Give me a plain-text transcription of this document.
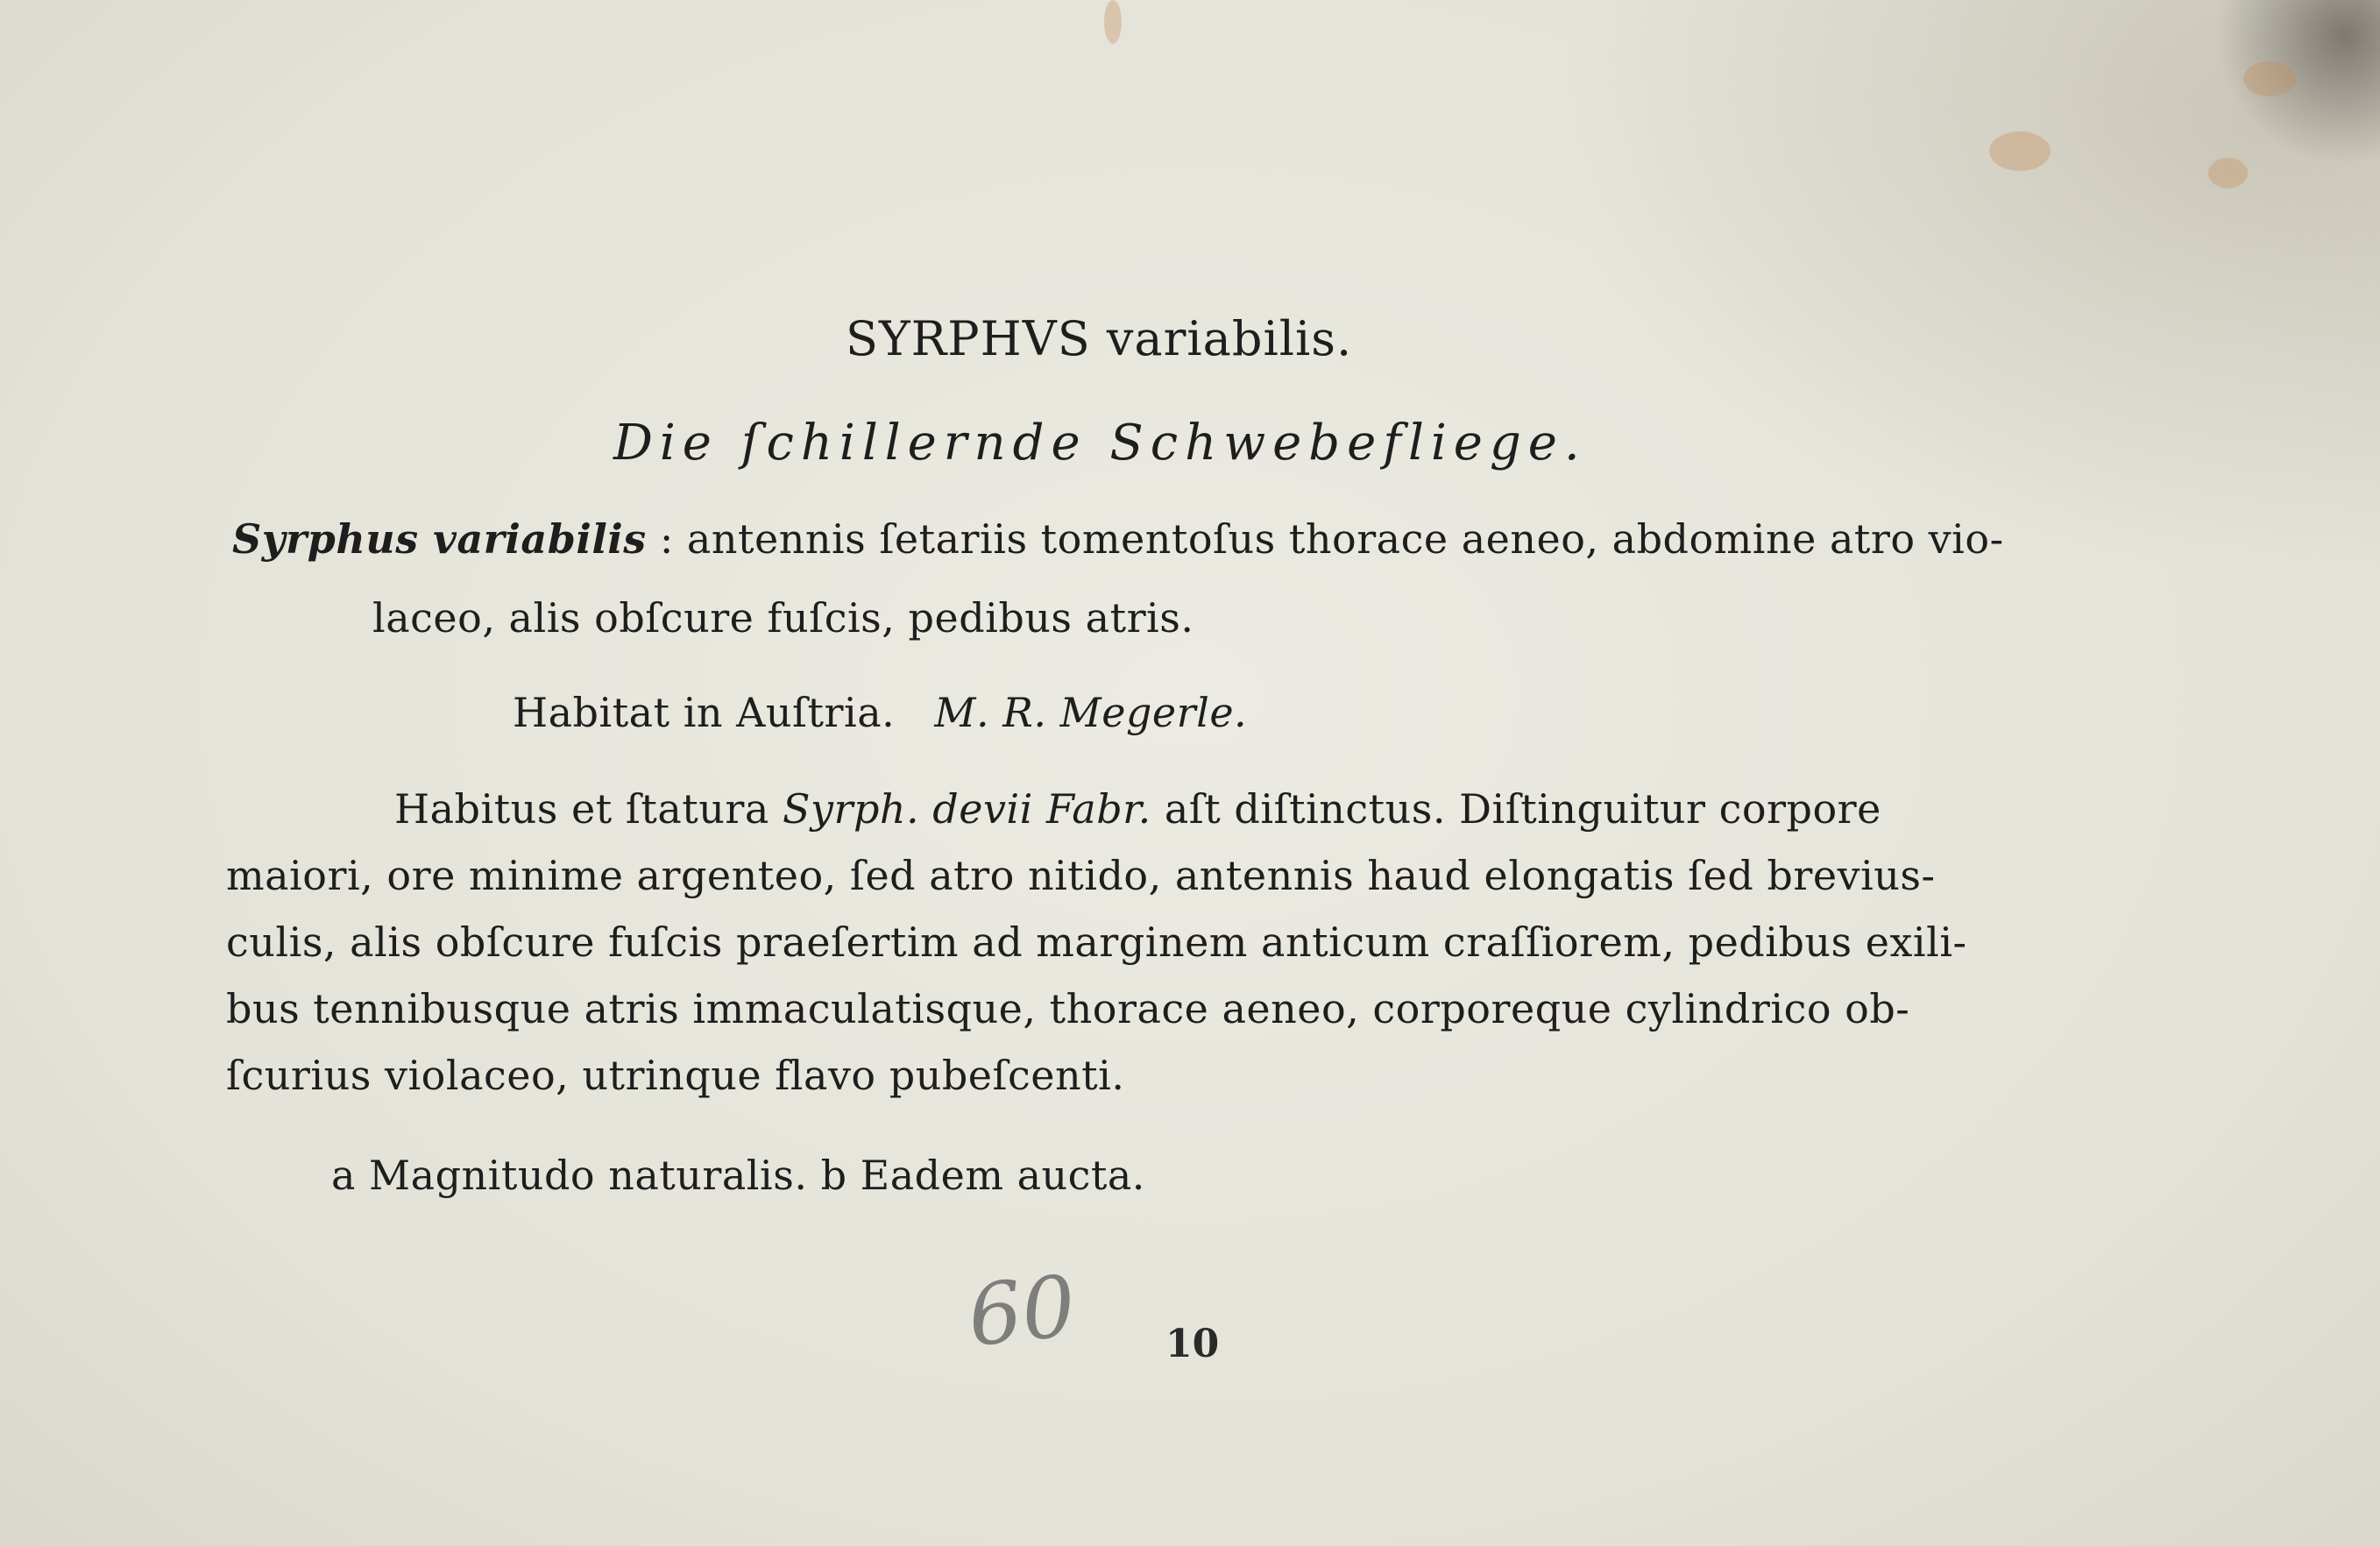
SYRPHVS variabilis.
Die ſchillernde Schwebefliege.
Syrphus variabilis : antennis ſetariis tomentoſus thorace aeneo, abdomine atro vio-
laceo, alis obſcure fuſcis, pedibus atris.
Habitat in Auſtria. M. R. Megerle.
Habitus et ſtatura Syrph. devii Fabr. aſt diſtinctus. Diſtinguitur corpore
maiori, ore minime argenteo, ſed atro nitido, antennis haud elongatis ſed brevius-
culis, alis obſcure fuſcis praeſertim ad marginem anticum craſſiorem, pedibus exili-
bus tennibusque atris immaculatisque, thorace aeneo, corporeque cylindrico ob-
ſcurius violaceo, utrinque flavo pubeſcenti.
a Magnitudo naturalis. b Eadem aucta.
60 10
